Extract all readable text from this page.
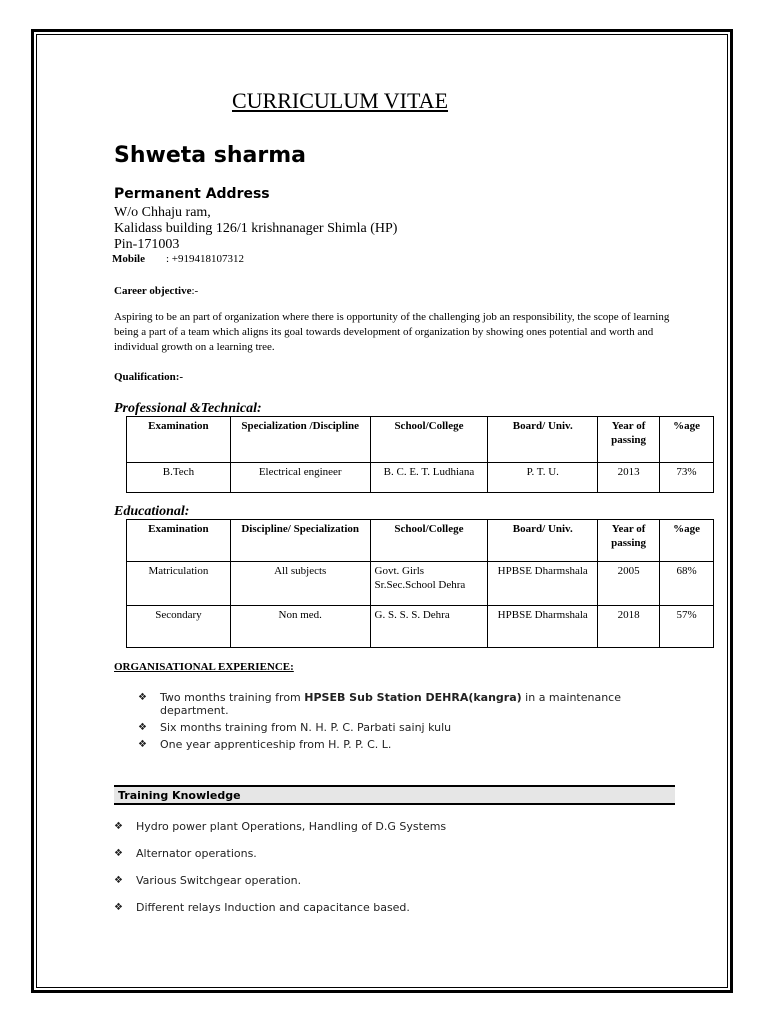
CURRICULUM VITAE
Shweta sharma
Permanent Address
W/o Chhaju ram,
Kalidass building 126/1 krishnanager Shimla (HP)
Pin-171003
Mobile : +919418107312
Career objective:-
Aspiring to be an part of organization where there is opportunity of the challenging job an responsibility, the scope of learning being a part of a team which aligns its goal towards development of organization by showing ones potential and worth and individual growth on a learning tree.
Qualification:-
Professional &Technical:
Examination	Specialization /Discipline	School/College	Board/ Univ.	Year of passing	%age
B.Tech	Electrical engineer	B. C. E. T. Ludhiana	P. T. U.	2013	73%
Educational:
Examination	Discipline/ Specialization	School/College	Board/ Univ.	Year of passing	%age
Matriculation	All subjects	Govt. Girls Sr.Sec.School Dehra	HPBSE Dharmshala	2005	68%
Secondary	Non med.	G. S. S. S. Dehra	HPBSE Dharmshala	2018	57%
ORGANISATIONAL EXPERIENCE:
❖ Two months training from HPSEB Sub Station DEHRA(kangra) in a maintenance department.
❖ Six months training from N. H. P. C. Parbati sainj kulu
❖ One year apprenticeship from H. P. P. C. L.
Training Knowledge
❖ Hydro power plant Operations, Handling of D.G Systems
❖ Alternator operations.
❖ Various Switchgear operation.
❖ Different relays Induction and capacitance based.
